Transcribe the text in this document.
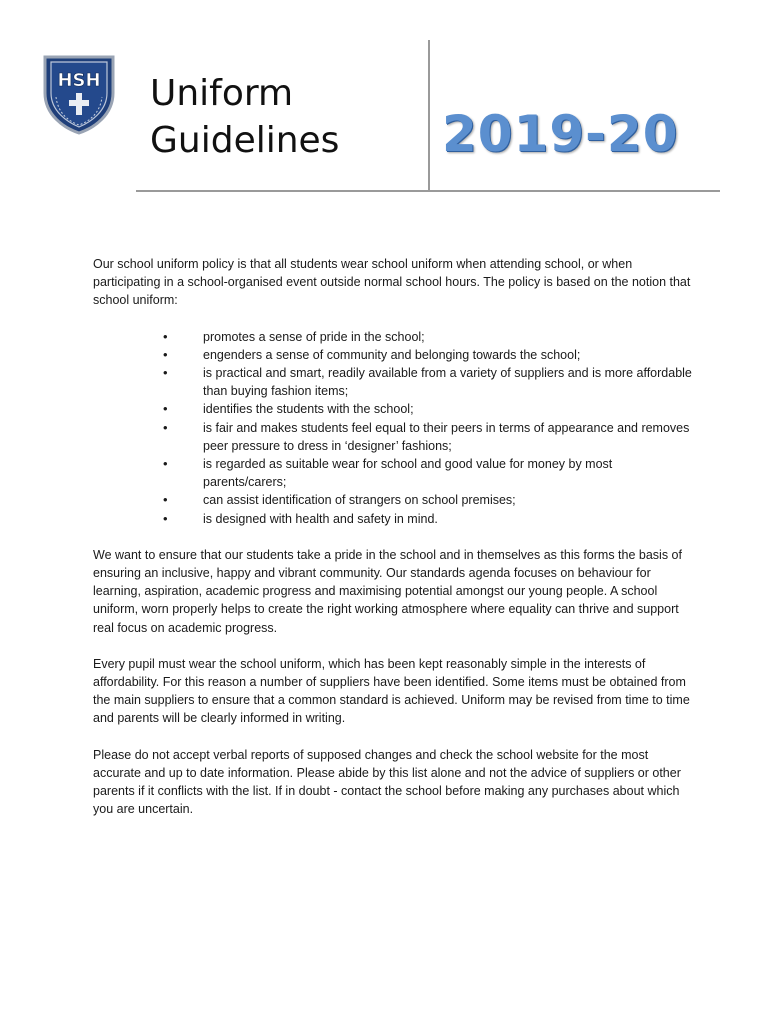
HSH Uniform
Guidelines 2019-20

Our school uniform policy is that all students wear school uniform when attending school, or when participating in a school-organised event outside normal school hours. The policy is based on the notion that school uniform:

• promotes a sense of pride in the school;
• engenders a sense of community and belonging towards the school;
• is practical and smart, readily available from a variety of suppliers and is more affordable than buying fashion items;
• identifies the students with the school;
• is fair and makes students feel equal to their peers in terms of appearance and removes peer pressure to dress in ‘designer’ fashions;
• is regarded as suitable wear for school and good value for money by most parents/carers;
• can assist identification of strangers on school premises;
• is designed with health and safety in mind.

We want to ensure that our students take a pride in the school and in themselves as this forms the basis of ensuring an inclusive, happy and vibrant community. Our standards agenda focuses on behaviour for learning, aspiration, academic progress and maximising potential amongst our young people. A school uniform, worn properly helps to create the right working atmosphere where equality can thrive and support real focus on academic progress.

Every pupil must wear the school uniform, which has been kept reasonably simple in the interests of affordability. For this reason a number of suppliers have been identified. Some items must be obtained from the main suppliers to ensure that a common standard is achieved. Uniform may be revised from time to time and parents will be clearly informed in writing.

Please do not accept verbal reports of supposed changes and check the school website for the most accurate and up to date information. Please abide by this list alone and not the advice of suppliers or other parents if it conflicts with the list. If in doubt - contact the school before making any purchases about which you are uncertain.
